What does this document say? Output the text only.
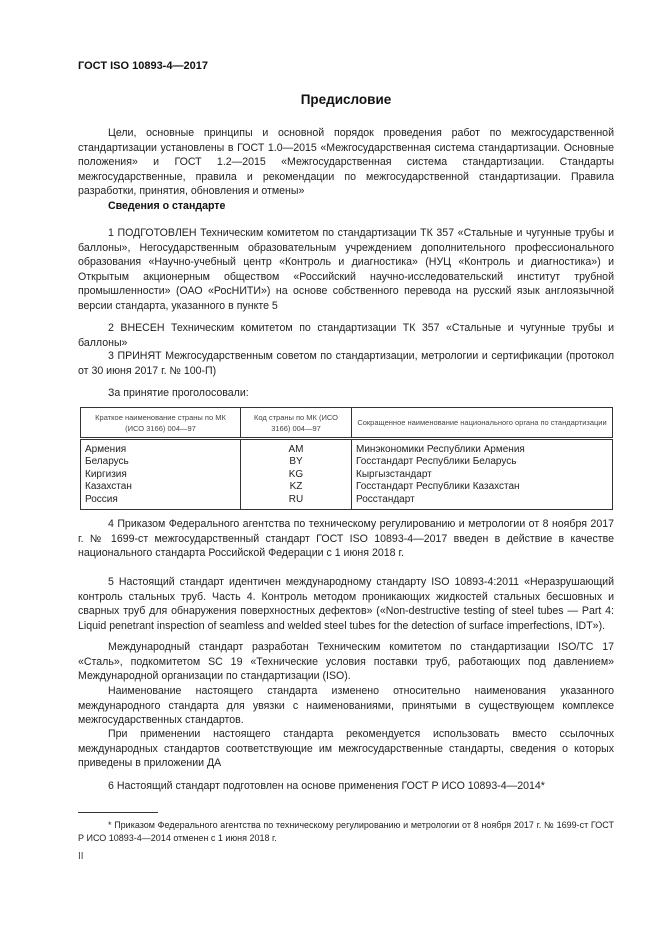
ГОСТ ISO 10893-4—2017
Предисловие

Цели, основные принципы и основной порядок проведения работ по межгосударственной стандартизации установлены в ГОСТ 1.0—2015 «Межгосударственная система стандартизации. Основные положения» и ГОСТ 1.2—2015 «Межгосударственная система стандартизации. Стандарты межгосударственные, правила и рекомендации по межгосударственной стандартизации. Правила разработки, принятия, обновления и отмены»

Сведения о стандарте

1 ПОДГОТОВЛЕН Техническим комитетом по стандартизации ТК 357 «Стальные и чугунные трубы и баллоны», Негосударственным образовательным учреждением дополнительного профессионального образования «Научно-учебный центр «Контроль и диагностика» (НУЦ «Контроль и диагностика») и Открытым акционерным обществом «Российский научно-исследовательский институт трубной промышленности» (ОАО «РосНИТИ») на основе собственного перевода на русский язык англоязычной версии стандарта, указанного в пункте 5

2 ВНЕСЕН Техническим комитетом по стандартизации ТК 357 «Стальные и чугунные трубы и баллоны»

3 ПРИНЯТ Межгосударственным советом по стандартизации, метрологии и сертификации (протокол от 30 июня 2017 г. № 100-П)

За принятие проголосовали:
Краткое наименование страны по МК (ИСО 3166) 004—97	Код страны по МК (ИСО 3166) 004—97	Сокращенное наименование национального органа по стандартизации
Армения	AM	Минэкономики Республики Армения
Беларусь	BY	Госстандарт Республики Беларусь
Киргизия	KG	Кыргызстандарт
Казахстан	KZ	Госстандарт Республики Казахстан
Россия	RU	Росстандарт

4 Приказом Федерального агентства по техническому регулированию и метрологии от 8 ноября 2017 г. № 1699-ст межгосударственный стандарт ГОСТ ISO 10893-4—2017 введен в действие в качестве национального стандарта Российской Федерации с 1 июня 2018 г.

5 Настоящий стандарт идентичен международному стандарту ISO 10893-4:2011 «Неразрушающий контроль стальных труб. Часть 4. Контроль методом проникающих жидкостей стальных бесшовных и сварных труб для обнаружения поверхностных дефектов» («Non-destructive testing of steel tubes — Part 4: Liquid penetrant inspection of seamless and welded steel tubes for the detection of surface imperfections, IDT»).

Международный стандарт разработан Техническим комитетом по стандартизации ISO/TC 17 «Сталь», подкомитетом SC 19 «Технические условия поставки труб, работающих под давлением» Международной организации по стандартизации (ISO).

Наименование настоящего стандарта изменено относительно наименования указанного международного стандарта для увязки с наименованиями, принятыми в существующем комплексе межгосударственных стандартов.

При применении настоящего стандарта рекомендуется использовать вместо ссылочных международных стандартов соответствующие им межгосударственные стандарты, сведения о которых приведены в приложении ДА

6 Настоящий стандарт подготовлен на основе применения ГОСТ Р ИСО 10893-4—2014*

* Приказом Федерального агентства по техническому регулированию и метрологии от 8 ноября 2017 г. № 1699-ст ГОСТ Р ИСО 10893-4—2014 отменен с 1 июня 2018 г.

II
